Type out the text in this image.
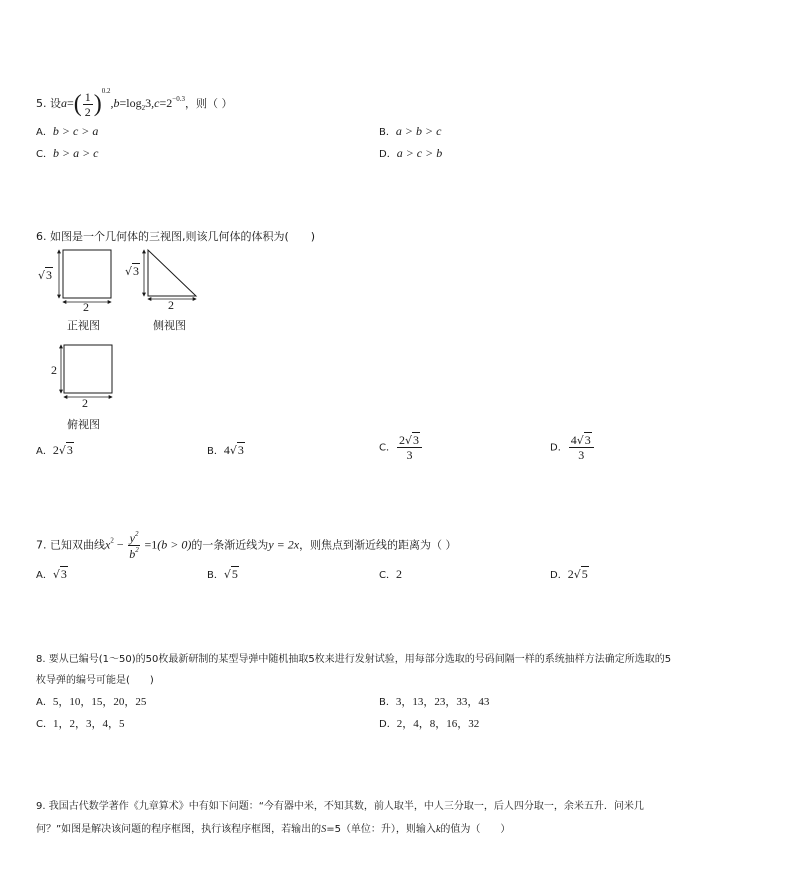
5. 设$a=( \frac{1}{2} )^{0.2},b=\log_23,c=2^{-0.3}$，则（ ）
A．b > c > a	B．a > b > c
C．b > a > c	D．a > c > b
6. 如图是一个几何体的三视图,则该几何体的体积为(　　)
√3
2
正视图
√3
2
侧视图
2
2
俯视图
A．2√3	B．4√3	C． $\frac{2√3}{3}$	D． $\frac{4√3}{3}$
7. 已知双曲线$x^2 - \frac{y^2}{b^2} =1(b > 0)$的一条渐近线为y = 2x，则焦点到渐近线的距离为（ ）
A．√3	B．√5	C．2	D．2√5
8. 要从已编号(1～50)的50枚最新研制的某型导弹中随机抽取5枚来进行发射试验，用每部分选取的号码间隔一样的系统抽样方法确定所选取的5
枚导弹的编号可能是(　　)
A．5，10，15，20，25	B．3，13，23，33，43
C．1，2，3，4，5	D．2，4，8，16，32
9. 我国古代数学著作《九章算术》中有如下问题：“今有器中米，不知其数，前人取半，中人三分取一，后人四分取一，余米五升．问米几
何？”如图是解决该问题的程序框图，执行该程序框图，若输出的S=5（单位：升），则输入k的值为（　　）
